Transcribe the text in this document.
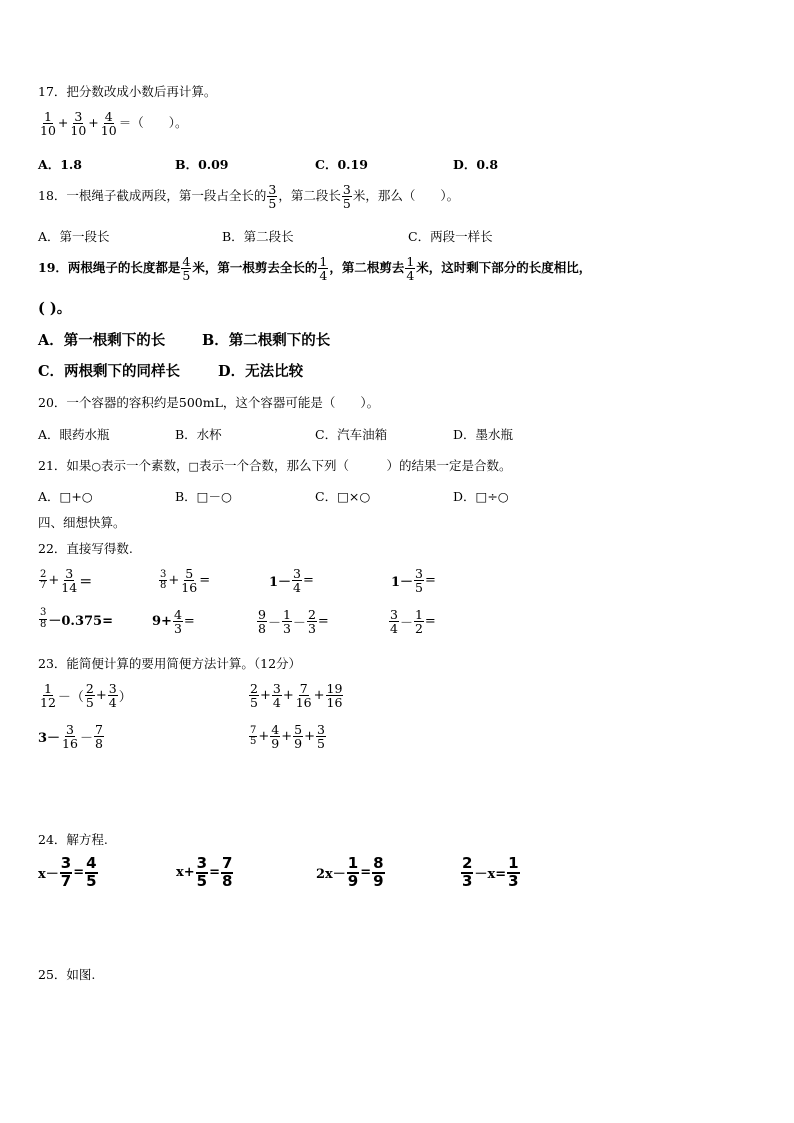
17．把分数改成小数后再计算。
$\frac{1}{10} + \frac{3}{10} + \frac{4}{10}$ ＝（　　）。
A．1.8	B．0.09	C．0.19	D．0.8
18．一根绳子截成两段，第一段占全长的 $\frac{3}{5}$ ，第二段长 $\frac{3}{5}$ 米，那么（　　）。
A．第一段长	B．第二段长	C．两段一样长
19．两根绳子的长度都是 $\frac{4}{5}$ 米，第一根剪去全长的 $\frac{1}{4}$ ，第二根剪去 $\frac{1}{4}$ 米，这时剩下部分的长度相比，
( )。
A．第一根剩下的长	B．第二根剩下的长
C．两根剩下的同样长	D．无法比较
20．一个容器的容积约是500mL，这个容器可能是（　　）。
A．眼药水瓶	B．水杯	C．汽车油箱	D．墨水瓶
21．如果○表示一个素数，□表示一个合数，那么下列（　　　）的结果一定是合数。
A．□+○	B．□－○	C．□×○	D．□÷○
四、细想快算。
22．直接写得数.
$\frac{2}{7} + \frac{3}{14}$ ＝	$\frac{3}{8} + \frac{5}{16}$ =	$1- \frac{3}{4}$ =	$1- \frac{3}{5}$ =
$\frac{3}{8} -0.375=$	$9+ \frac{4}{3}$ =	$\frac{9}{8} - \frac{1}{3} - \frac{2}{3}$ =	$\frac{3}{4} - \frac{1}{2}$ =
23．能简便计算的要用简便方法计算。（12分）
$\frac{1}{12}$ －（ $\frac{2}{5} + \frac{3}{4}$ ）	$\frac{2}{5} + \frac{3}{4} + \frac{7}{16} + \frac{19}{16}$
$3- \frac{3}{16} - \frac{7}{8}$	$\frac{7}{5} + \frac{4}{9} + \frac{5}{9} + \frac{3}{5}$
24．解方程.
$x- \frac{3}{7} = \frac{4}{5}$	$x+ \frac{3}{5} = \frac{7}{8}$	$2x- \frac{1}{9} = \frac{8}{9}$	$\frac{2}{3} -x= \frac{1}{3}$
25．如图.
